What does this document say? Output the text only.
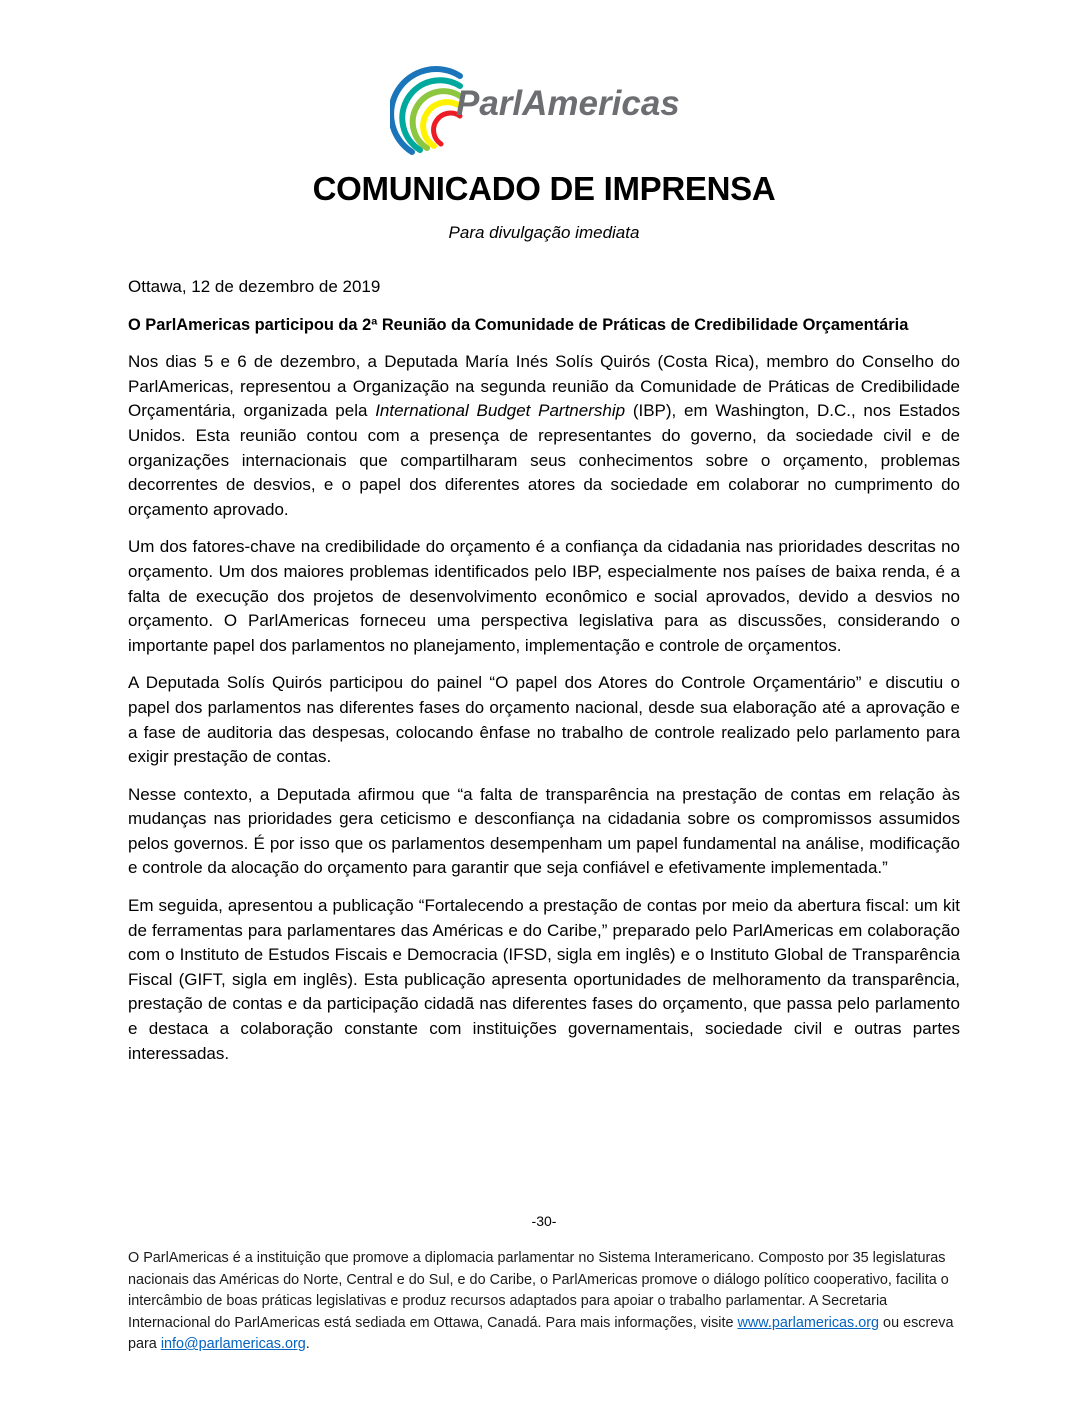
ParlAmericas
COMUNICADO DE IMPRENSA
Para divulgação imediata
Ottawa, 12 de dezembro de 2019
O ParlAmericas participou da 2ª Reunião da Comunidade de Práticas de Credibilidade Orçamentária

Nos dias 5 e 6 de dezembro, a Deputada María Inés Solís Quirós (Costa Rica), membro do Conselho do ParlAmericas, representou a Organização na segunda reunião da Comunidade de Práticas de Credibilidade Orçamentária, organizada pela International Budget Partnership (IBP), em Washington, D.C., nos Estados Unidos. Esta reunião contou com a presença de representantes do governo, da sociedade civil e de organizações internacionais que compartilharam seus conhecimentos sobre o orçamento, problemas decorrentes de desvios, e o papel dos diferentes atores da sociedade em colaborar no cumprimento do orçamento aprovado.

Um dos fatores-chave na credibilidade do orçamento é a confiança da cidadania nas prioridades descritas no orçamento. Um dos maiores problemas identificados pelo IBP, especialmente nos países de baixa renda, é a falta de execução dos projetos de desenvolvimento econômico e social aprovados, devido a desvios no orçamento. O ParlAmericas forneceu uma perspectiva legislativa para as discussões, considerando o importante papel dos parlamentos no planejamento, implementação e controle de orçamentos.

A Deputada Solís Quirós participou do painel “O papel dos Atores do Controle Orçamentário” e discutiu o papel dos parlamentos nas diferentes fases do orçamento nacional, desde sua elaboração até a aprovação e a fase de auditoria das despesas, colocando ênfase no trabalho de controle realizado pelo parlamento para exigir prestação de contas.

Nesse contexto, a Deputada afirmou que “a falta de transparência na prestação de contas em relação às mudanças nas prioridades gera ceticismo e desconfiança na cidadania sobre os compromissos assumidos pelos governos. É por isso que os parlamentos desempenham um papel fundamental na análise, modificação e controle da alocação do orçamento para garantir que seja confiável e efetivamente implementada.”

Em seguida, apresentou a publicação “Fortalecendo a prestação de contas por meio da abertura fiscal: um kit de ferramentas para parlamentares das Américas e do Caribe,” preparado pelo ParlAmericas em colaboração com o Instituto de Estudos Fiscais e Democracia (IFSD, sigla em inglês) e o Instituto Global de Transparência Fiscal (GIFT, sigla em inglês). Esta publicação apresenta oportunidades de melhoramento da transparência, prestação de contas e da participação cidadã nas diferentes fases do orçamento, que passa pelo parlamento e destaca a colaboração constante com instituições governamentais, sociedade civil e outras partes interessadas.

-30-
O ParlAmericas é a instituição que promove a diplomacia parlamentar no Sistema Interamericano. Composto por 35 legislaturas nacionais das Américas do Norte, Central e do Sul, e do Caribe, o ParlAmericas promove o diálogo político cooperativo, facilita o intercâmbio de boas práticas legislativas e produz recursos adaptados para apoiar o trabalho parlamentar. A Secretaria Internacional do ParlAmericas está sediada em Ottawa, Canadá. Para mais informações, visite www.parlamericas.org ou escreva para info@parlamericas.org.
